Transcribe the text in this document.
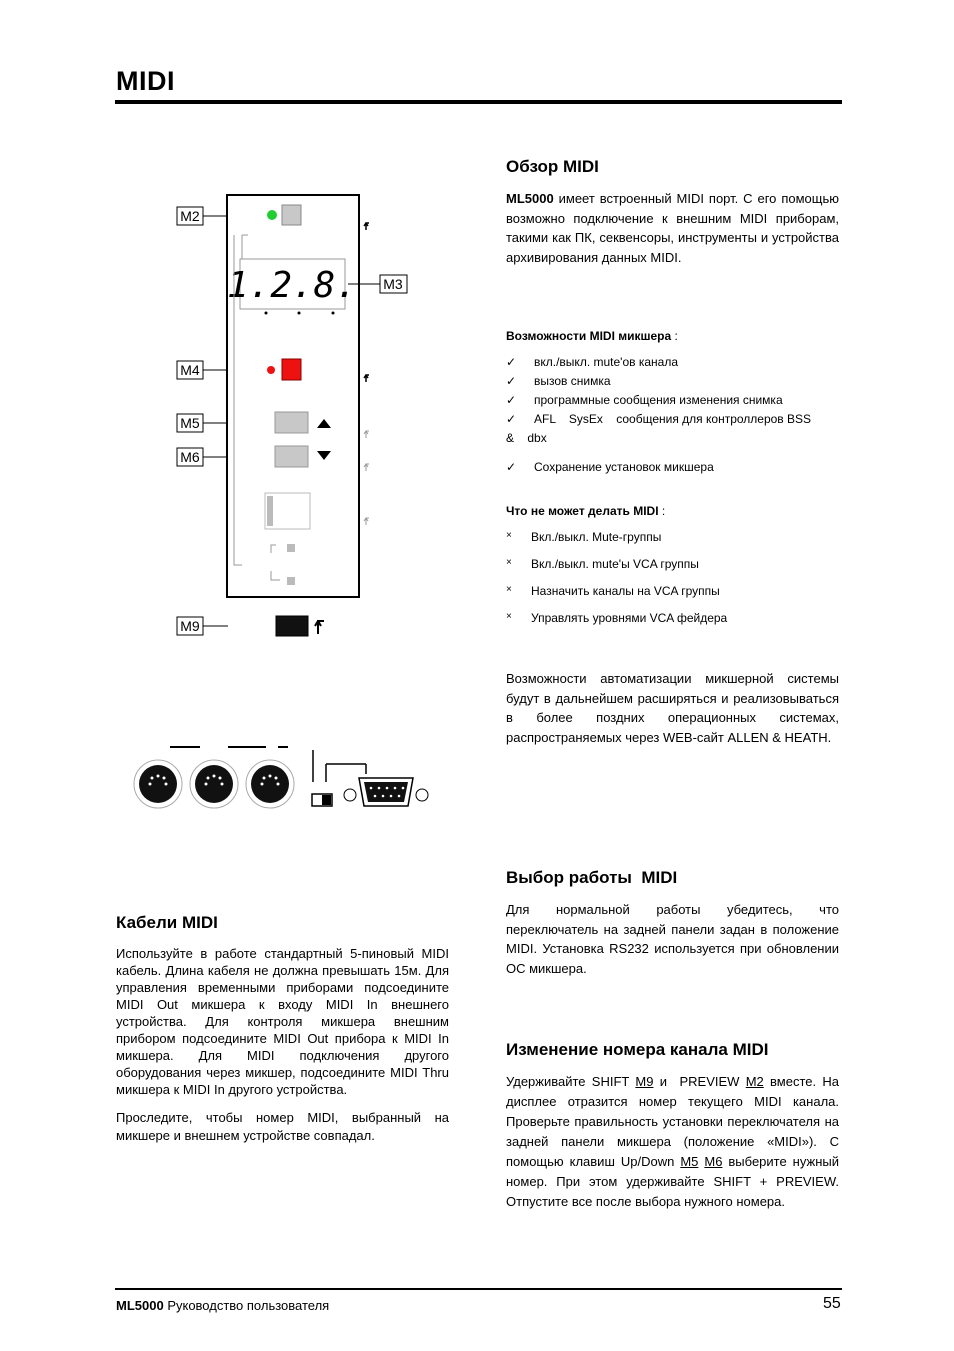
MIDI
M2
M3
M4
M5
M6
M9
1.2.8.
Обзор MIDI

ML5000 имеет встроенный MIDI порт. С его помощью возможно подключение к внешним MIDI приборам, такими как ПК, секвенсоры, инструменты и устройства архивирования данных MIDI.

Возможности MIDI микшера :

✓ вкл./выкл. mute'ов канала
✓ вызов снимка
✓ программные сообщения изменения снимка
✓ AFL    SysEx    сообщения для контроллеров BSS
&    dbx
✓ Сохранение установок микшера

Что не может делать MIDI :

× Вкл./выкл. Mute-группы
× Вкл./выкл. mute'ы VCA группы
× Назначить каналы на VCA группы
× Управлять уровнями VCA фейдера

Возможности автоматизации микшерной системы будут в дальнейшем расширяться и реализовываться в более поздних операционных системах, распространяемых через WEB-сайт ALLEN & HEATH.

Выбор работы  MIDI

Для нормальной работы убедитесь, что переключатель на задней панели задан в положение MIDI. Установка RS232 используется при обновлении ОС микшера.

Изменение номера канала MIDI

Удерживайте SHIFT M9 и  PREVIEW M2 вместе. На дисплее отразится номер текущего MIDI канала. Проверьте правильность установки переключателя на задней панели микшера (положение «MIDI»). С помощью клавиш Up/Down M5 M6 выберите нужный номер. При этом удерживайте SHIFT + PREVIEW. Отпустите все после выбора нужного номера.

Кабели MIDI

Используйте в работе стандартный 5-пиновый MIDI кабель. Длина кабеля не должна превышать 15м. Для управления временными приборами подсоедините MIDI Out микшера к входу MIDI In внешнего устройства. Для контроля микшера внешним прибором подсоедините MIDI Out прибора к MIDI In микшера. Для MIDI подключения другого оборудования через микшер, подсоедините MIDI Thru микшера к MIDI In другого устройства.

Проследите, чтобы номер MIDI, выбранный на микшере и внешнем устройстве совпадал.

ML5000 Руководство пользователя	55
